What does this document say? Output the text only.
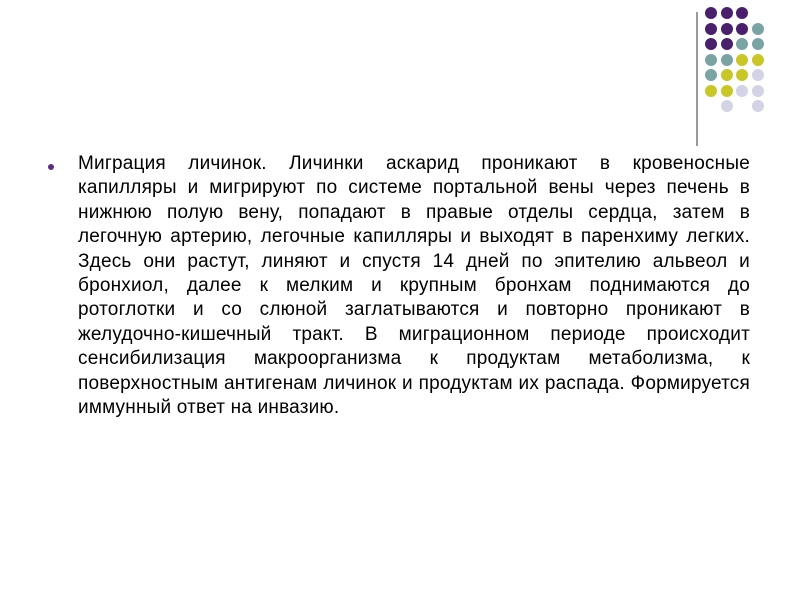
Миграция личинок. Личинки аскарид проникают в кровеносные капилляры и мигрируют по системе портальной вены через печень в нижнюю полую вену, попадают в правые отделы сердца, затем в легочную артерию, легочные капилляры и выходят в паренхиму легких. Здесь они растут, линяют и спустя 14 дней по эпителию альвеол и бронхиол, далее к мелким и крупным бронхам поднимаются до ротоглотки и со слюной заглатываются и повторно проникают в желудочно-кишечный тракт. В миграционном периоде происходит сенсибилизация макроорганизма к продуктам метаболизма, к поверхностным антигенам личинок и продуктам их распада. Формируется иммунный ответ на инвазию.
